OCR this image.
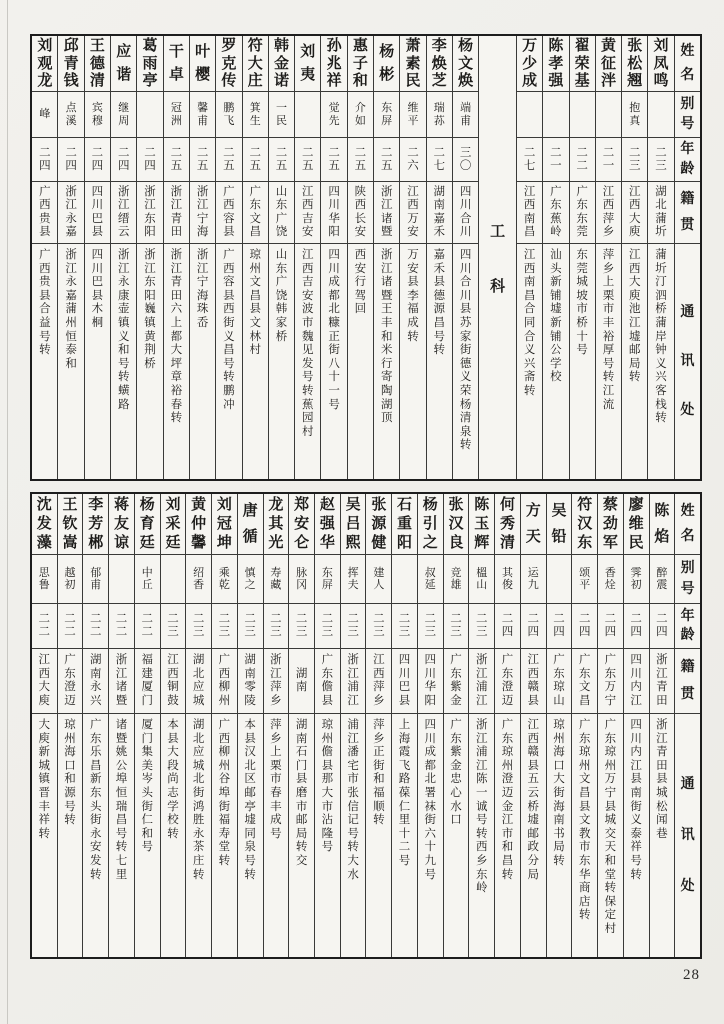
姓
名
别
号
年
龄
籍
贯
通
讯
处
刘
凤
鸣
二
三
湖
北
蒲
圻
蒲
圻
汀
泗
桥
蒲
岸
钟
义
兴
客
栈
转
张
松
翘
抱
真
二
三
江
西
大
庾
江
西
大
庾
池
江
墟
邮
局
转
黄
征
泮
二
一
江
西
萍
乡
萍
乡
上
栗
市
丰
裕
厚
号
转
江
流
翟
荣
基
二
二
广
东
东
莞
东
莞
城
坡
市
桥
十
号
陈
孝
强
二
一
广
东
蕉
岭
汕
头
新
铺
墟
新
铺
公
学
校
万
少
成
二
七
江
西
南
昌
江
西
南
昌
合
同
合
义
兴
斋
转
工
科
杨
文
焕
端
甫
三
〇
四
川
合
川
四
川
合
川
县
苏
家
街
德
义
荣
杨
清
泉
转
李
焕
芝
瑞
荪
二
七
湖
南
嘉
禾
嘉
禾
县
德
源
昌
号
转
萧
素
民
维
平
二
六
江
西
万
安
万
安
县
李
福
成
转
杨
彬
东
屏
二
五
浙
江
诸
暨
浙
江
诸
暨
王
丰
和
米
行
寄
陶
湖
顶
惠
子
和
介
如
二
五
陕
西
长
安
西
安
行
驾
回
孙
兆
祥
觉
先
二
五
四
川
华
阳
四
川
成
都
北
糠
正
街
八
十
一
号
刘
夷
二
五
江
西
吉
安
江
西
吉
安
波
市
魏
见
发
号
转
蕉
园
村
韩
金
诺
一
民
二
五
山
东
广
饶
山
东
广
饶
韩
家
桥
符
大
庄
箕
生
二
五
广
东
文
昌
琼
州
文
昌
县
文
林
村
罗
克
传
鹏
飞
二
五
广
西
容
县
广
西
容
县
西
街
义
昌
号
转
鹏
冲
叶
樱
馨
甫
二
五
浙
江
宁
海
浙
江
宁
海
珠
岙
干
卓
冠
洲
二
五
浙
江
青
田
浙
江
青
田
六
上
都
大
坪
章
裕
春
转
葛
雨
亭
二
四
浙
江
东
阳
浙
江
东
阳
巍
镇
黄
荆
桥
应
谐
继
周
二
四
浙
江
缙
云
浙
江
永
康
壶
镇
义
和
号
转
蟥
路
王
德
清
宾
穆
二
四
四
川
巴
县
四
川
巴
县
木
桐
邱
青
钱
点
溪
二
四
浙
江
永
嘉
浙
江
永
嘉
蒲
州
恒
泰
和
刘
观
龙
峰
二
四
广
西
贵
县
广
西
贵
县
合
益
号
转
姓
名
别
号
年
龄
籍
贯
通
讯
处
陈
焰
醉
震
二
四
浙
江
青
田
浙
江
青
田
县
城
松
闻
巷
廖
维
民
霁
初
二
四
四
川
内
江
四
川
内
江
县
南
街
义
泰
祥
号
转
蔡
劲
军
香
烇
二
四
广
东
万
宁
广
东
琼
州
万
宁
县
城
交
天
和
堂
转
保
定
村
符
汉
东
颂
平
二
四
广
东
文
昌
广
东
琼
州
文
昌
县
文
教
市
东
华
商
店
转
吴
铅
二
四
广
东
琼
山
琼
州
海
口
大
街
海
南
书
局
转
方
天
运
九
二
四
江
西
赣
县
江
西
赣
县
五
云
桥
墟
邮
政
分
局
何
秀
清
其
俊
二
四
广
东
澄
迈
广
东
琼
州
澄
迈
金
江
市
和
昌
转
陈
玉
辉
榲
山
二
三
浙
江
浦
江
浙
江
浦
江
陈
一
诚
号
转
西
乡
东
岭
张
汉
良
竞
雄
二
三
广
东
紫
金
广
东
紫
金
忠
心
水
口
杨
引
之
叔
延
二
三
四
川
华
阳
四
川
成
都
北
署
袜
街
六
十
九
号
石
重
阳
二
三
四
川
巴
县
上
海
霞
飞
路
葆
仁
里
十
二
号
张
源
健
建
人
二
三
江
西
萍
乡
萍
乡
正
街
和
福
顺
转
吴
吕
熙
挥
夫
二
三
浙
江
浦
江
浦
江
潘
宅
市
张
信
记
号
转
大
水
赵
强
华
东
屏
二
三
广
东
儋
县
琼
州
儋
县
那
大
市
沾
隆
号
郑
安
仑
脉
冈
二
三
湖
南
湖
南
石
门
县
磨
市
邮
局
转
交
龙
其
光
寿
藏
二
三
浙
江
萍
乡
萍
乡
上
栗
市
春
丰
成
号
唐
循
慎
之
二
三
湖
南
零
陵
本
县
汉
北
区
邮
亭
墟
同
泉
号
转
刘
冠
坤
乘
乾
二
三
广
西
柳
州
广
西
柳
州
谷
埠
街
福
寿
堂
转
黄
仲
馨
绍
香
二
三
湖
北
应
城
湖
北
应
城
北
街
鸿
胜
永
茶
庄
转
刘
采
廷
二
三
江
西
铜
鼓
本
县
大
段
尚
志
学
校
转
杨
育
廷
中
丘
二
二
福
建
厦
门
厦
门
集
美
岑
头
街
仁
和
号
蒋
友
谅
二
二
浙
江
诸
暨
诸
暨
姚
公
埠
恒
瑞
昌
号
转
七
里
李
芳
郴
郁
甫
二
二
湖
南
永
兴
广
东
乐
昌
新
东
头
街
永
安
发
转
王
钦
嵩
越
初
二
二
广
东
澄
迈
琼
州
海
口
和
源
号
转
沈
发
藻
思
鲁
二
二
江
西
大
庾
大
庾
新
城
镇
晋
丰
祥
转
28
